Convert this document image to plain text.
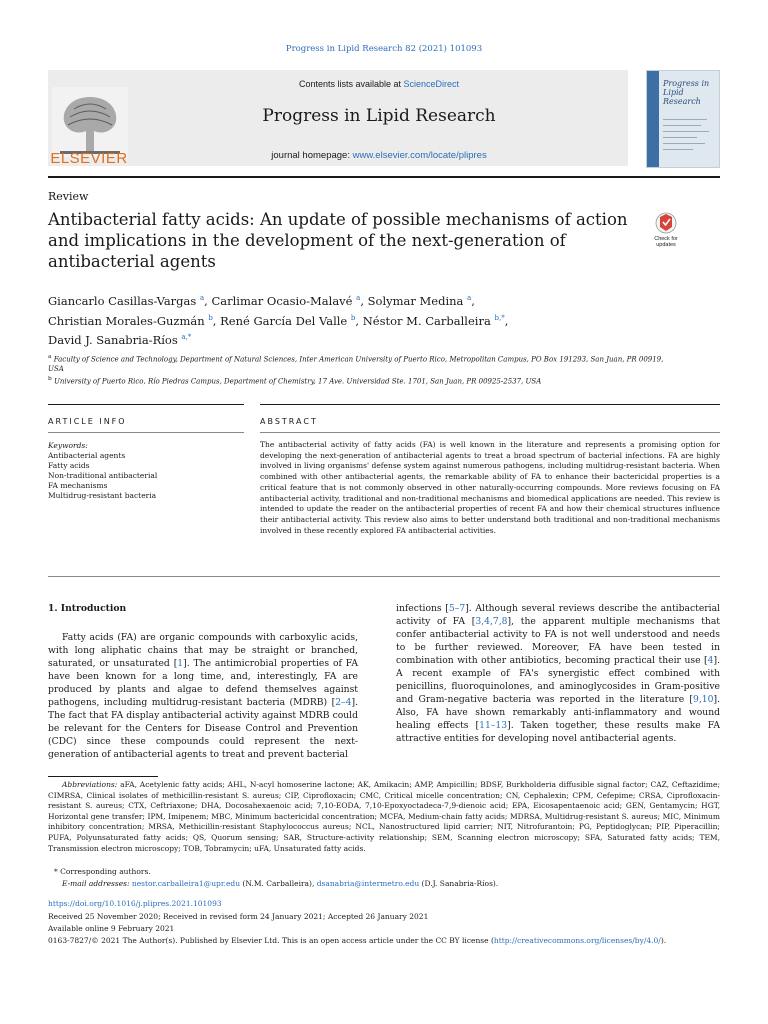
Progress in Lipid Research 82 (2021) 101093
ELSEVIER
Contents lists available at ScienceDirect
Progress in Lipid Research
journal homepage: www.elsevier.com/locate/plipres
Progress in
Lipid
Research
Review
Antibacterial fatty acids: An update of possible mechanisms of action and implications in the development of the next-generation of antibacterial agents
Check for updates
Giancarlo Casillas-Vargas $^a$, Carlimar Ocasio-Malavé $^a$, Solymar Medina $^a$,
Christian Morales-Guzmán $^b$, René García Del Valle $^b$, Néstor M. Carballeira $^{b,*}$,
David J. Sanabria-Ríos $^{a,*}$
$^a$ Faculty of Science and Technology, Department of Natural Sciences, Inter American University of Puerto Rico, Metropolitan Campus, PO Box 191293, San Juan, PR 00919, USA
$^b$ University of Puerto Rico, Río Piedras Campus, Department of Chemistry, 17 Ave. Universidad Ste. 1701, San Juan, PR 00925-2537, USA
ARTICLE INFO	ABSTRACT
Keywords:
Antibacterial agents
Fatty acids
Non-traditional antibacterial
FA mechanisms
Multidrug-resistant bacteria
The antibacterial activity of fatty acids (FA) is well known in the literature and represents a promising option for developing the next-generation of antibacterial agents to treat a broad spectrum of bacterial infections. FA are highly involved in living organisms' defense system against numerous pathogens, including multidrug-resistant bacteria. When combined with other antibacterial agents, the remarkable ability of FA to enhance their bactericidal properties is a critical feature that is not commonly observed in other naturally-occurring compounds. More reviews focusing on FA antibacterial activity, traditional and non-traditional mechanisms and biomedical applications are needed. This review is intended to update the reader on the antibacterial properties of recent FA and how their chemical structures influence their antibacterial activity. This review also aims to better understand both traditional and non-traditional mechanisms involved in these recently explored FA antibacterial activities.
1. Introduction
Fatty acids (FA) are organic compounds with carboxylic acids, with long aliphatic chains that may be straight or branched, saturated, or unsaturated [1]. The antimicrobial properties of FA have been known for a long time, and, interestingly, FA are produced by plants and algae to defend themselves against pathogens, including multidrug-resistant bacteria (MDRB) [2–4]. The fact that FA display antibacterial activity against MDRB could be relevant for the Centers for Disease Control and Prevention (CDC) since these compounds could represent the next-generation of antibacterial agents to treat and prevent bacterial
infections [5–7]. Although several reviews describe the antibacterial activity of FA [3,4,7,8], the apparent multiple mechanisms that confer antibacterial activity to FA is not well understood and needs to be further reviewed. Moreover, FA have been tested in combination with other antibiotics, becoming practical their use [4]. A recent example of FA's synergistic effect combined with penicillins, fluoroquinolones, and aminoglycosides in Gram-positive and Gram-negative bacteria was reported in the literature [9,10]. Also, FA have shown remarkably anti-inflammatory and wound healing effects [11–13]. Taken together, these results make FA attractive entities for developing novel antibacterial agents.
Abbreviations: aFA, Acetylenic fatty acids; AHL, N-acyl homoserine lactone; AK, Amikacin; AMP, Ampicillin; BDSF, Burkholderia diffusible signal factor; CAZ, Ceftazidime; CIMRSA, Clinical isolates of methicillin-resistant S. aureus; CIP, Ciprofloxacin; CMC, Critical micelle concentration; CN, Cephalexin; CPM, Cefepime; CRSA, Ciprofloxacin-resistant S. aureus; CTX, Ceftriaxone; DHA, Docosahexaenoic acid; 7,10-EODA, 7,10-Epoxyoctadeca-7,9-dienoic acid; EPA, Eicosapentaenoic acid; GEN, Gentamycin; HGT, Horizontal gene transfer; IPM, Imipenem; MBC, Minimum bactericidal concentration; MCFA, Medium-chain fatty acids; MDRSA, Multidrug-resistant S. aureus; MIC, Minimum inhibitory concentration; MRSA, Methicillin-resistant Staphylococcus aureus; NCL, Nanostructured lipid carrier; NIT, Nitrofurantoin; PG, Peptidoglycan; PIP, Piperacillin; PUFA, Polyunsaturated fatty acids; QS, Quorum sensing; SAR, Structure-activity relationship; SEM, Scanning electron microscopy; SFA, Saturated fatty acids; TEM, Transmission electron microscopy; TOB, Tobramycin; uFA, Unsaturated fatty acids.
* Corresponding authors.
E-mail addresses: nestor.carballeira1@upr.edu (N.M. Carballeira), dsanabria@intermetro.edu (D.J. Sanabria-Ríos).
https://doi.org/10.1016/j.plipres.2021.101093
Received 25 November 2020; Received in revised form 24 January 2021; Accepted 26 January 2021
Available online 9 February 2021
0163-7827/© 2021 The Author(s). Published by Elsevier Ltd. This is an open access article under the CC BY license (http://creativecommons.org/licenses/by/4.0/).
